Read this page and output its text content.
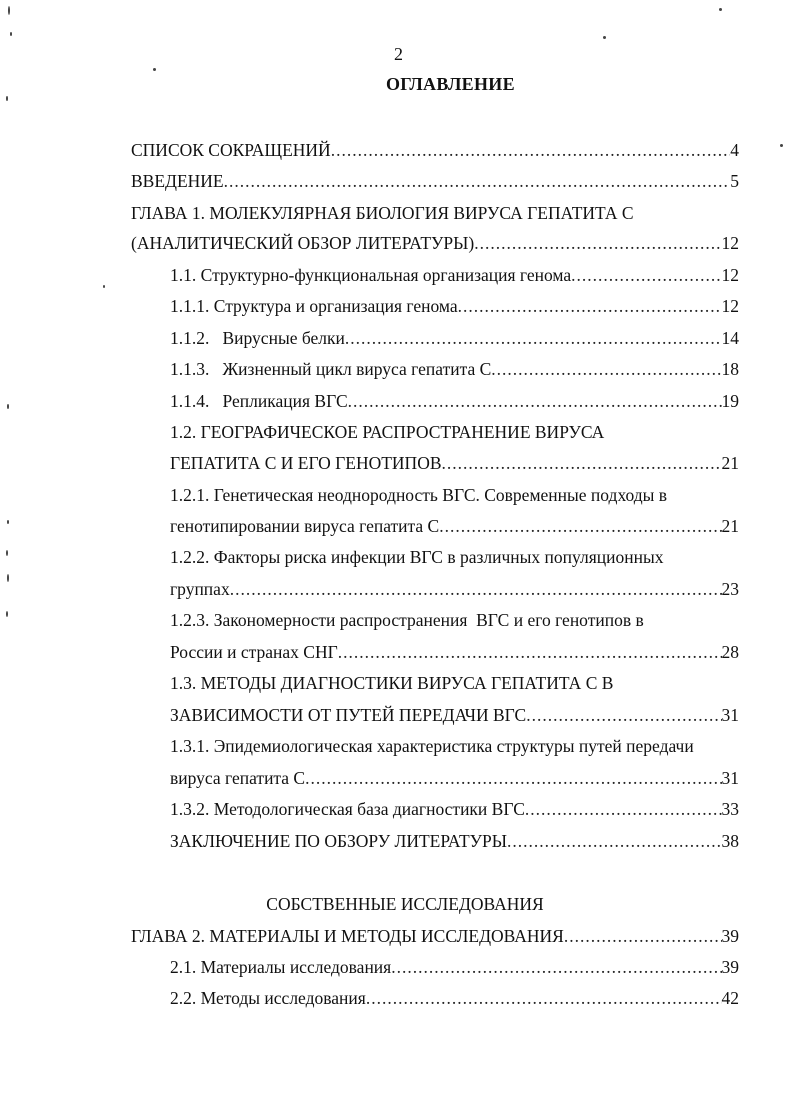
2
ОГЛАВЛЕНИЕ
СПИСОК СОКРАЩЕНИЙ .....	4
ВВЕДЕНИЕ .....	5
ГЛАВА 1. МОЛЕКУЛЯРНАЯ БИОЛОГИЯ ВИРУСА ГЕПАТИТА С
(АНАЛИТИЧЕСКИЙ ОБЗОР ЛИТЕРАТУРЫ) .....	12
1.1. Структурно-функциональная организация генома .....	12
1.1.1. Структура и организация генома .....	12
1.1.2.   Вирусные белки .....	14
1.1.3.   Жизненный цикл вируса гепатита С .....	18
1.1.4.   Репликация ВГС .....	19
1.2. ГЕОГРАФИЧЕСКОЕ РАСПРОСТРАНЕНИЕ ВИРУСА
ГЕПАТИТА С И ЕГО ГЕНОТИПОВ .....	21
1.2.1. Генетическая неоднородность ВГС. Современные подходы в
генотипировании вируса гепатита С .....	21
1.2.2. Факторы риска инфекции ВГС в различных популяционных
группах .....	23
1.2.3. Закономерности распространения  ВГС и его генотипов в
России и странах СНГ .....	28
1.3. МЕТОДЫ ДИАГНОСТИКИ ВИРУСА ГЕПАТИТА С В
ЗАВИСИМОСТИ ОТ ПУТЕЙ ПЕРЕДАЧИ ВГС .....	31
1.3.1. Эпидемиологическая характеристика структуры путей передачи
вируса гепатита С .....	31
1.3.2. Методологическая база диагностики ВГС .....	33
ЗАКЛЮЧЕНИЕ ПО ОБЗОРУ ЛИТЕРАТУРЫ .....	38
СОБСТВЕННЫЕ ИССЛЕДОВАНИЯ
ГЛАВА 2. МАТЕРИАЛЫ И МЕТОДЫ ИССЛЕДОВАНИЯ .....	39
2.1. Материалы исследования .....	39
2.2. Методы исследования .....	42
